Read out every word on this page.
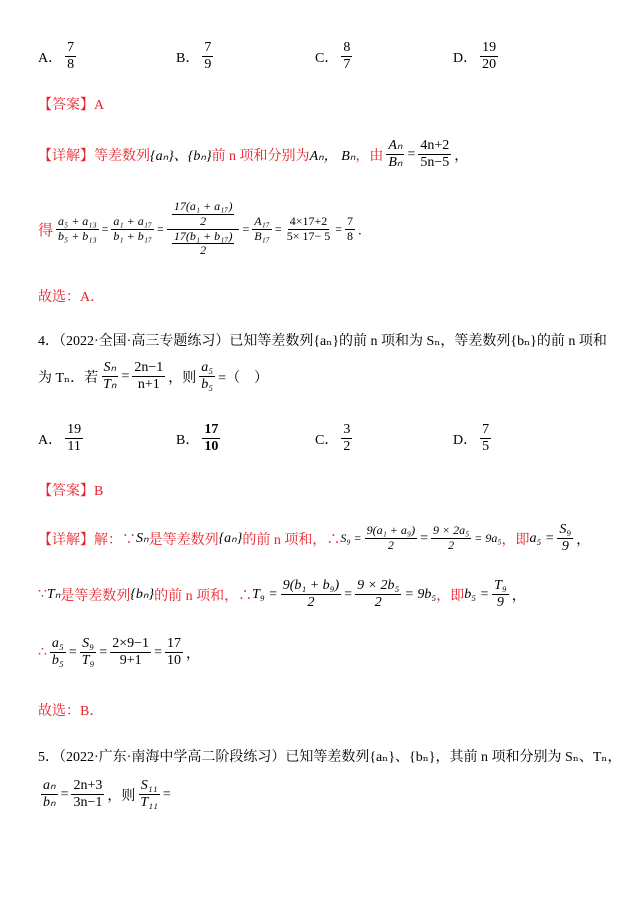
A． $\frac{7}{8}$	B． $\frac{7}{9}$	C． $\frac{8}{7}$	D． $\frac{19}{20}$
【答案】A
【详解】等差数列 {aₙ}、{bₙ} 前 n 项和分别为 Aₙ， Bₙ ，由 $\frac{\text{Aₙ}}{\text{Bₙ}} = \frac{4n+2}{5n-5}$ ，
得 $\frac{\text{a₅ + a₁₃}}{\text{b₅ + b₁₃}} = \frac{\text{a₁ + a₁₇}}{\text{b₁ + b₁₇}} = \frac{\frac{\text{17(a₁ + a₁₇)}}{2}}{\frac{\text{17(b₁ + b₁₇)}}{2}} = \frac{\text{A₁₇}}{\text{B₁₇}} = \frac{4\times 17+2}{5\times 17- 5} = \frac{7}{8}$ ．
故选：A．
4．（2022·全国·高三专题练习）已知等差数列{aₙ}的前 n 项和为 Sₙ，等差数列{bₙ}的前 n 项和
为 Tₙ．若 $\frac{\text{Sₙ}}{\text{Tₙ}} = \frac{2n-1}{n+1}$ ，则 $\frac{\text{a₅}}{\text{b₅}}$ =（　）
A． $\frac{19}{11}$	B． $\frac{17}{10}$	C． $\frac{3}{2}$	D． $\frac{7}{5}$
【答案】B
【详解】解：∵ Sₙ 是等差数列 {aₙ} 的前 n 项和，∴ $S_9 = \frac{\text{9(a₁ + a₉)}}{2} = \frac{\text{9 × 2a₅}}{2} = 9a_5$ ，即 $a_5 = \frac{\text{S₉}}{9}$ ，
∵ Tₙ 是等差数列 {bₙ} 的前 n 项和，∴ $T_9 = \frac{\text{9(b₁ + b₉)}}{2} = \frac{\text{9 × 2b₅}}{2} = 9b_5$ ，即 $b_5 = \frac{\text{T₉}}{9}$ ，
∴ $\frac{\text{a₅}}{\text{b₅}} = \frac{\text{S₉}}{\text{T₉}} = \frac{2\times 9-1}{9+1} = \frac{17}{10}$ ，
故选：B．
5．（2022·广东·南海中学高二阶段练习）已知等差数列{aₙ}、{bₙ}，其前 n 项和分别为 Sₙ、Tₙ，
$\frac{\text{aₙ}}{\text{bₙ}} = \frac{2n+3}{3n-1}$ ，则 $\frac{\text{S₁₁}}{\text{T₁₁}}$ =
